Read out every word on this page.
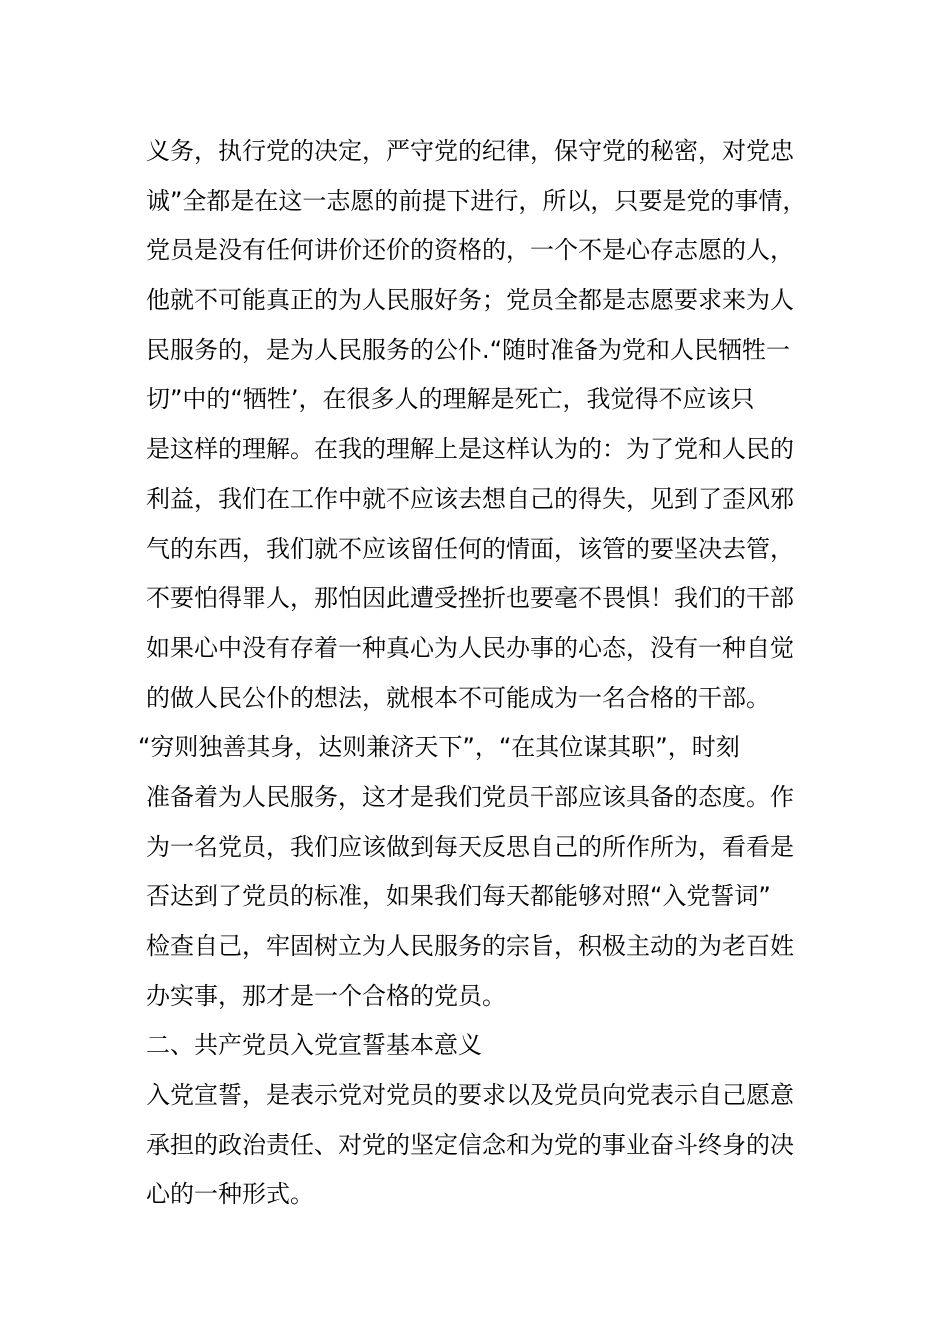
义务，执行党的决定，严守党的纪律，保守党的秘密，对党忠
诚”全都是在这一志愿的前提下进行，所以，只要是党的事情，
党员是没有任何讲价还价的资格的，一个不是心存志愿的人，
他就不可能真正的为人民服好务；党员全都是志愿要求来为人
民服务的，是为人民服务的公仆.“随时准备为党和人民牺牲一
切”中的“牺牲’，在很多人的理解是死亡，我觉得不应该只
是这样的理解。在我的理解上是这样认为的：为了党和人民的
利益，我们在工作中就不应该去想自己的得失，见到了歪风邪
气的东西，我们就不应该留任何的情面，该管的要坚决去管，
不要怕得罪人，那怕因此遭受挫折也要毫不畏惧！我们的干部
如果心中没有存着一种真心为人民办事的心态，没有一种自觉
的做人民公仆的想法，就根本不可能成为一名合格的干部。
“穷则独善其身，达则兼济天下”，“在其位谋其职”，时刻
准备着为人民服务，这才是我们党员干部应该具备的态度。作
为一名党员，我们应该做到每天反思自己的所作所为，看看是
否达到了党员的标准，如果我们每天都能够对照“入党誓词”
检查自己，牢固树立为人民服务的宗旨，积极主动的为老百姓
办实事，那才是一个合格的党员。
二、共产党员入党宣誓基本意义
入党宣誓，是表示党对党员的要求以及党员向党表示自己愿意
承担的政治责任、对党的坚定信念和为党的事业奋斗终身的决
心的一种形式。
